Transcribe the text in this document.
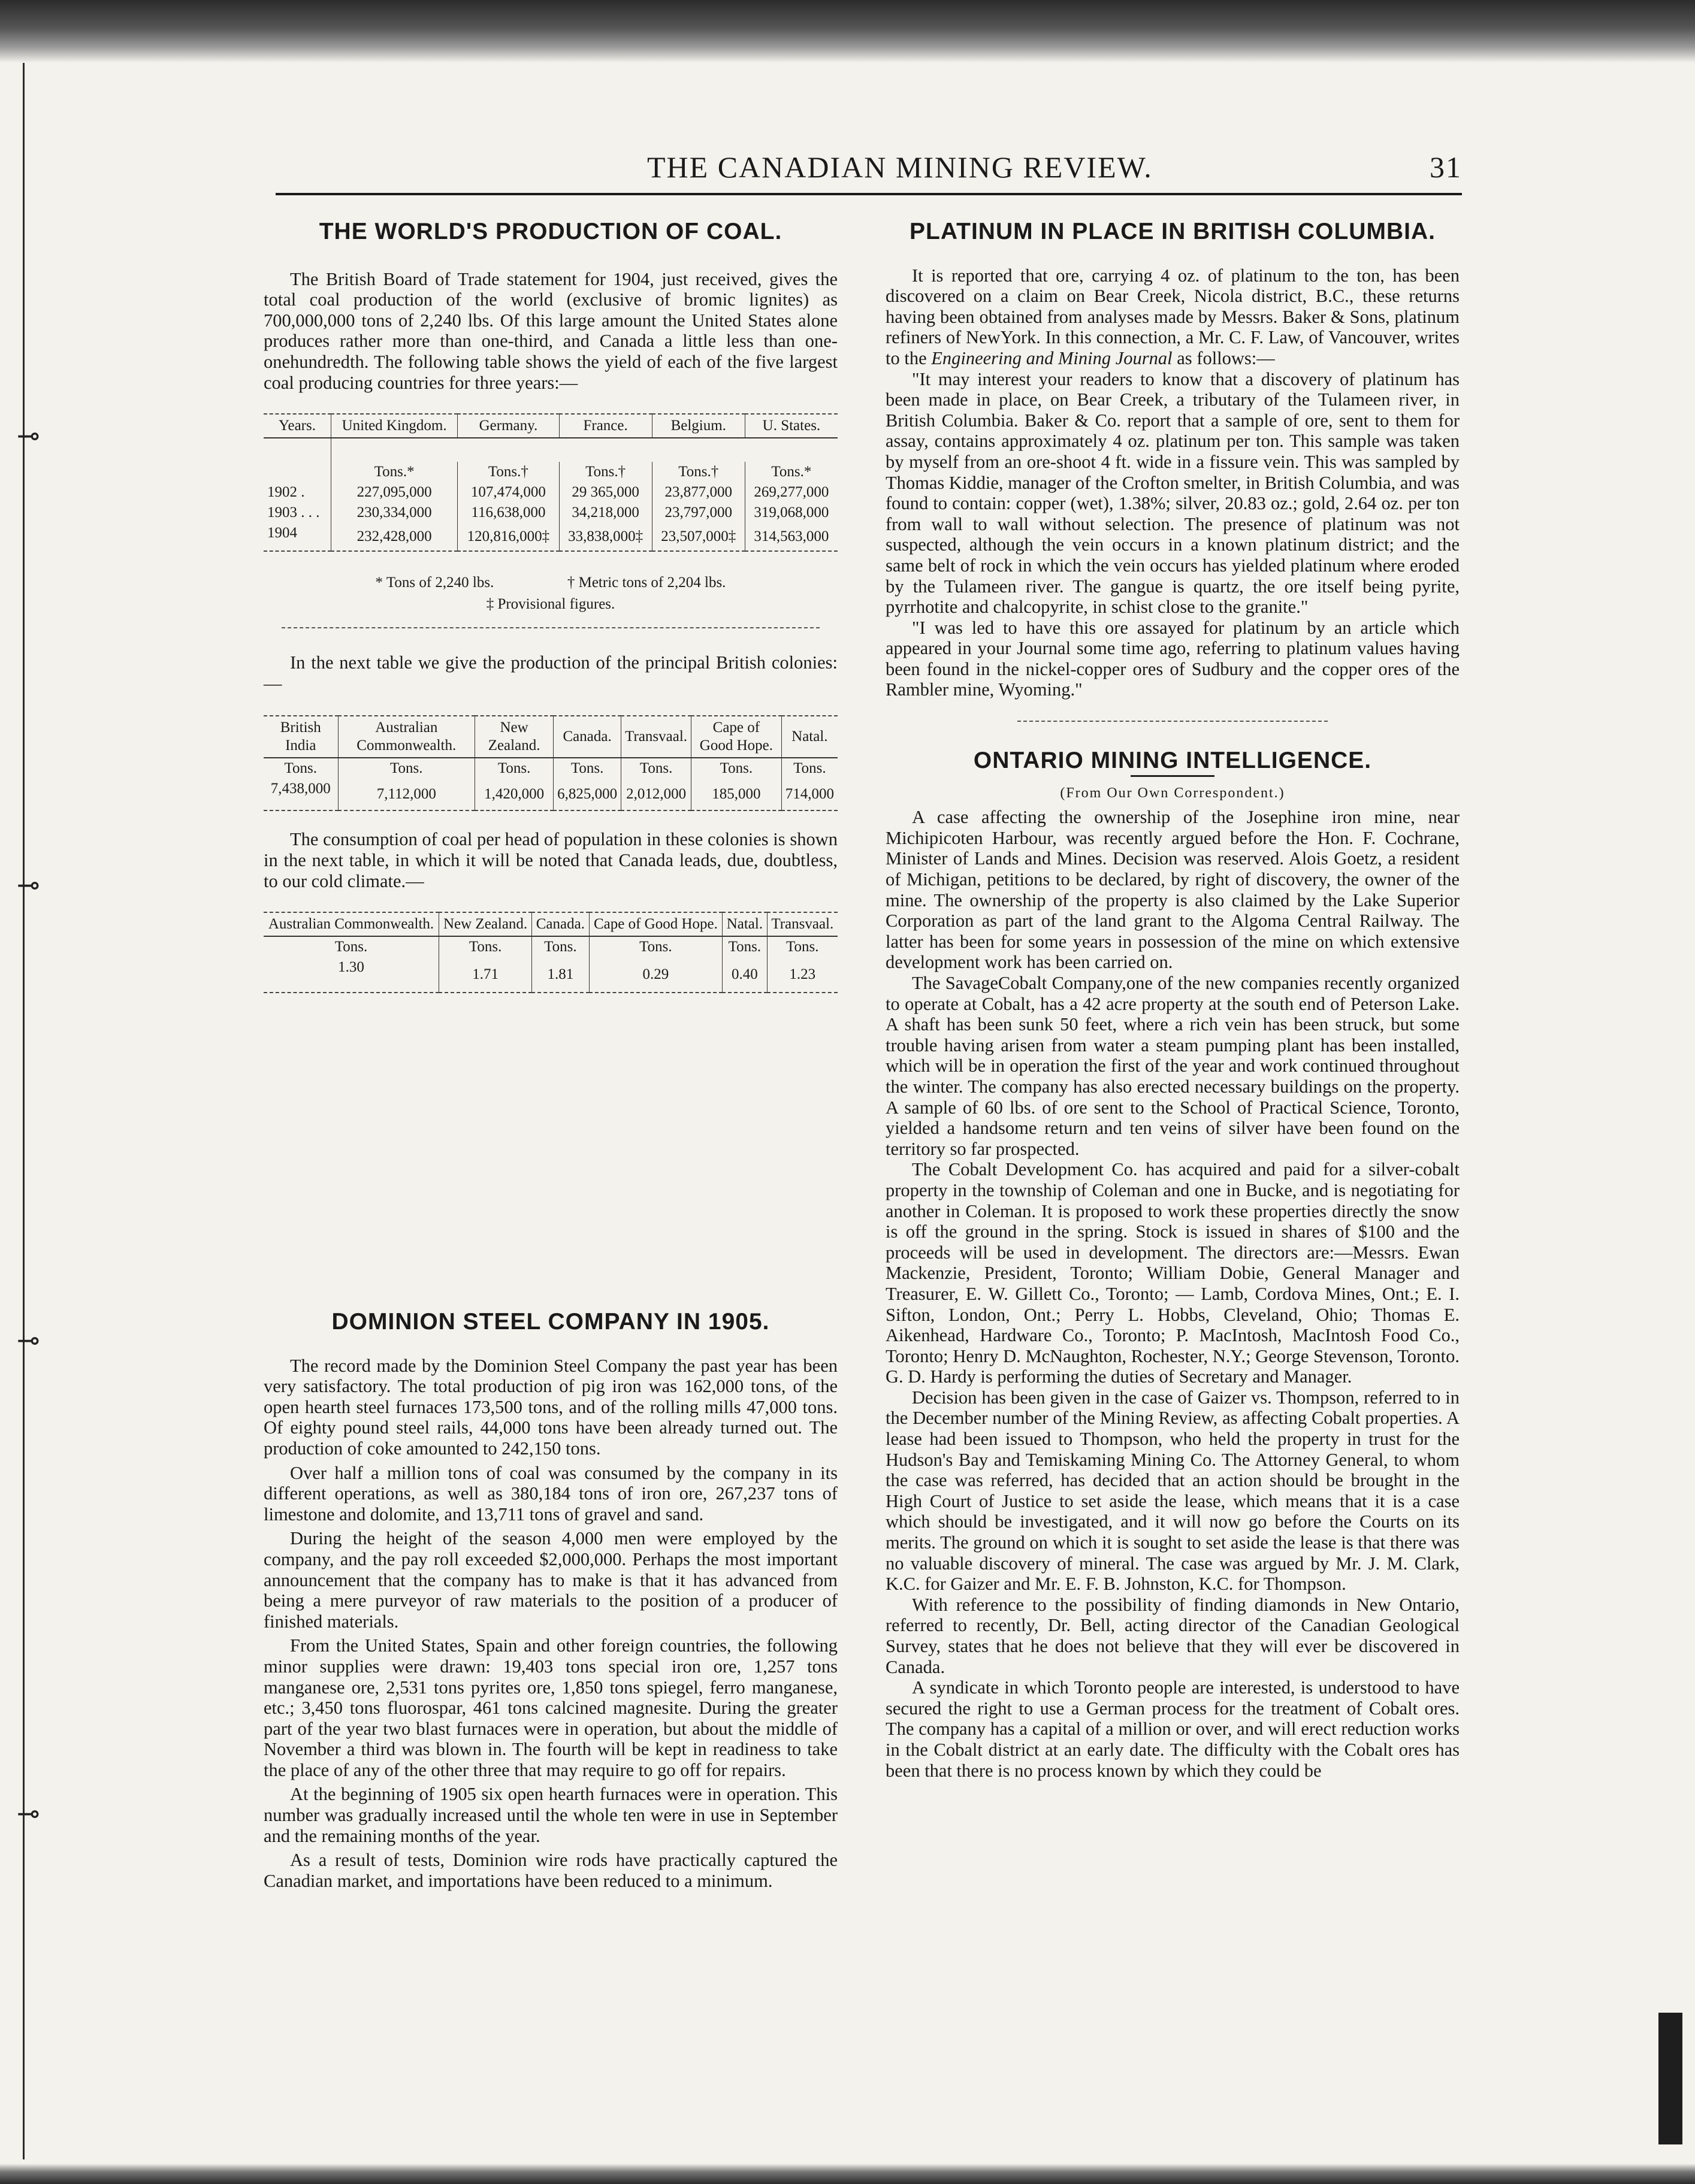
⊸
⊸
⊸
⊸
THE CANADIAN MINING REVIEW.	31
THE WORLD'S PRODUCTION OF COAL.

The British Board of Trade statement for 1904, just received, gives the total coal production of the world (exclusive of bromic lignites) as 700,000,000 tons of 2,240 lbs. Of this large amount the United States alone produces rather more than one-third, and Canada a little less than one-onehundredth. The following table shows the yield of each of the five largest coal producing countries for three years:—

Years.	United Kingdom.	Germany.	France.	Belgium.	U. States.

	Tons.*	Tons.†	Tons.†	Tons.†	Tons.*
1902 .	227,095,000	107,474,000	29 365,000	23,877,000	269,277,000
1903 . . .	230,334,000	116,638,000	34,218,000	23,797,000	319,068,000
1904	232,428,000	120,816,000‡	33,838,000‡	23,507,000‡	314,563,000
* Tons of 2,240 lbs.	† Metric tons of 2,204 lbs.
‡ Provisional figures.

In the next table we give the production of the principal British colonies:—

British India	Australian Commonwealth.	New Zealand.	Canada.	Transvaal.	Cape of Good Hope.	Natal.
Tons.	Tons.	Tons.	Tons.	Tons.	Tons.	Tons.
7,438,000	7,112,000	1,420,000	6,825,000	2,012,000	185,000	714,000

The consumption of coal per head of population in these colonies is shown in the next table, in which it will be noted that Canada leads, due, doubtless, to our cold climate.—

Australian Commonwealth.	New Zealand.	Canada.	Cape of Good Hope.	Natal.	Transvaal.
Tons.	Tons.	Tons.	Tons.	Tons.	Tons.
1.30	1.71	1.81	0.29	0.40	1.23
DOMINION STEEL COMPANY IN 1905.

The record made by the Dominion Steel Company the past year has been very satisfactory. The total production of pig iron was 162,000 tons, of the open hearth steel furnaces 173,500 tons, and of the rolling mills 47,000 tons. Of eighty pound steel rails, 44,000 tons have been already turned out. The production of coke amounted to 242,150 tons.

Over half a million tons of coal was consumed by the company in its different operations, as well as 380,184 tons of iron ore, 267,237 tons of limestone and dolomite, and 13,711 tons of gravel and sand.

During the height of the season 4,000 men were employed by the company, and the pay roll exceeded $2,000,000. Perhaps the most important announcement that the company has to make is that it has advanced from being a mere purveyor of raw materials to the position of a producer of finished materials.

From the United States, Spain and other foreign countries, the following minor supplies were drawn: 19,403 tons special iron ore, 1,257 tons manganese ore, 2,531 tons pyrites ore, 1,850 tons spiegel, ferro manganese, etc.; 3,450 tons fluorospar, 461 tons calcined magnesite. During the greater part of the year two blast furnaces were in operation, but about the middle of November a third was blown in. The fourth will be kept in readiness to take the place of any of the other three that may require to go off for repairs.

At the beginning of 1905 six open hearth furnaces were in operation. This number was gradually increased until the whole ten were in use in September and the remaining months of the year.

As a result of tests, Dominion wire rods have practically captured the Canadian market, and importations have been reduced to a minimum.

PLATINUM IN PLACE IN BRITISH COLUMBIA.

It is reported that ore, carrying 4 oz. of platinum to the ton, has been discovered on a claim on Bear Creek, Nicola district, B.C., these returns having been obtained from analyses made by Messrs. Baker & Sons, platinum refiners of NewYork. In this connection, a Mr. C. F. Law, of Vancouver, writes to the Engineering and Mining Journal as follows:—

"It may interest your readers to know that a discovery of platinum has been made in place, on Bear Creek, a tributary of the Tulameen river, in British Columbia. Baker & Co. report that a sample of ore, sent to them for assay, contains approximately 4 oz. platinum per ton. This sample was taken by myself from an ore-shoot 4 ft. wide in a fissure vein. This was sampled by Thomas Kiddie, manager of the Crofton smelter, in British Columbia, and was found to contain: copper (wet), 1.38%; silver, 20.83 oz.; gold, 2.64 oz. per ton from wall to wall without selection. The presence of platinum was not suspected, although the vein occurs in a known platinum district; and the same belt of rock in which the vein occurs has yielded platinum where eroded by the Tulameen river. The gangue is quartz, the ore itself being pyrite, pyrrhotite and chalcopyrite, in schist close to the granite."

"I was led to have this ore assayed for platinum by an article which appeared in your Journal some time ago, referring to platinum values having been found in the nickel-copper ores of Sudbury and the copper ores of the Rambler mine, Wyoming."

ONTARIO MINING INTELLIGENCE.
(From Our Own Correspondent.)

A case affecting the ownership of the Josephine iron mine, near Michipicoten Harbour, was recently argued before the Hon. F. Cochrane, Minister of Lands and Mines. Decision was reserved. Alois Goetz, a resident of Michigan, petitions to be declared, by right of discovery, the owner of the mine. The ownership of the property is also claimed by the Lake Superior Corporation as part of the land grant to the Algoma Central Railway. The latter has been for some years in possession of the mine on which extensive development work has been carried on.

The SavageCobalt Company,one of the new companies recently organized to operate at Cobalt, has a 42 acre property at the south end of Peterson Lake. A shaft has been sunk 50 feet, where a rich vein has been struck, but some trouble having arisen from water a steam pumping plant has been installed, which will be in operation the first of the year and work continued throughout the winter. The company has also erected necessary buildings on the property. A sample of 60 lbs. of ore sent to the School of Practical Science, Toronto, yielded a handsome return and ten veins of silver have been found on the territory so far prospected.

The Cobalt Development Co. has acquired and paid for a silver-cobalt property in the township of Coleman and one in Bucke, and is negotiating for another in Coleman. It is proposed to work these properties directly the snow is off the ground in the spring. Stock is issued in shares of $100 and the proceeds will be used in development. The directors are:—Messrs. Ewan Mackenzie, President, Toronto; William Dobie, General Manager and Treasurer, E. W. Gillett Co., Toronto; — Lamb, Cordova Mines, Ont.; E. I. Sifton, London, Ont.; Perry L. Hobbs, Cleveland, Ohio; Thomas E. Aikenhead, Hardware Co., Toronto; P. MacIntosh, MacIntosh Food Co., Toronto; Henry D. McNaughton, Rochester, N.Y.; George Stevenson, Toronto. G. D. Hardy is performing the duties of Secretary and Manager.

Decision has been given in the case of Gaizer vs. Thompson, referred to in the December number of the Mining Review, as affecting Cobalt properties. A lease had been issued to Thompson, who held the property in trust for the Hudson's Bay and Temiskaming Mining Co. The Attorney General, to whom the case was referred, has decided that an action should be brought in the High Court of Justice to set aside the lease, which means that it is a case which should be investigated, and it will now go before the Courts on its merits. The ground on which it is sought to set aside the lease is that there was no valuable discovery of mineral. The case was argued by Mr. J. M. Clark, K.C. for Gaizer and Mr. E. F. B. Johnston, K.C. for Thompson.

With reference to the possibility of finding diamonds in New Ontario, referred to recently, Dr. Bell, acting director of the Canadian Geological Survey, states that he does not believe that they will ever be discovered in Canada.

A syndicate in which Toronto people are interested, is understood to have secured the right to use a German process for the treatment of Cobalt ores. The company has a capital of a million or over, and will erect reduction works in the Cobalt district at an early date. The difficulty with the Cobalt ores has been that there is no process known by which they could be
